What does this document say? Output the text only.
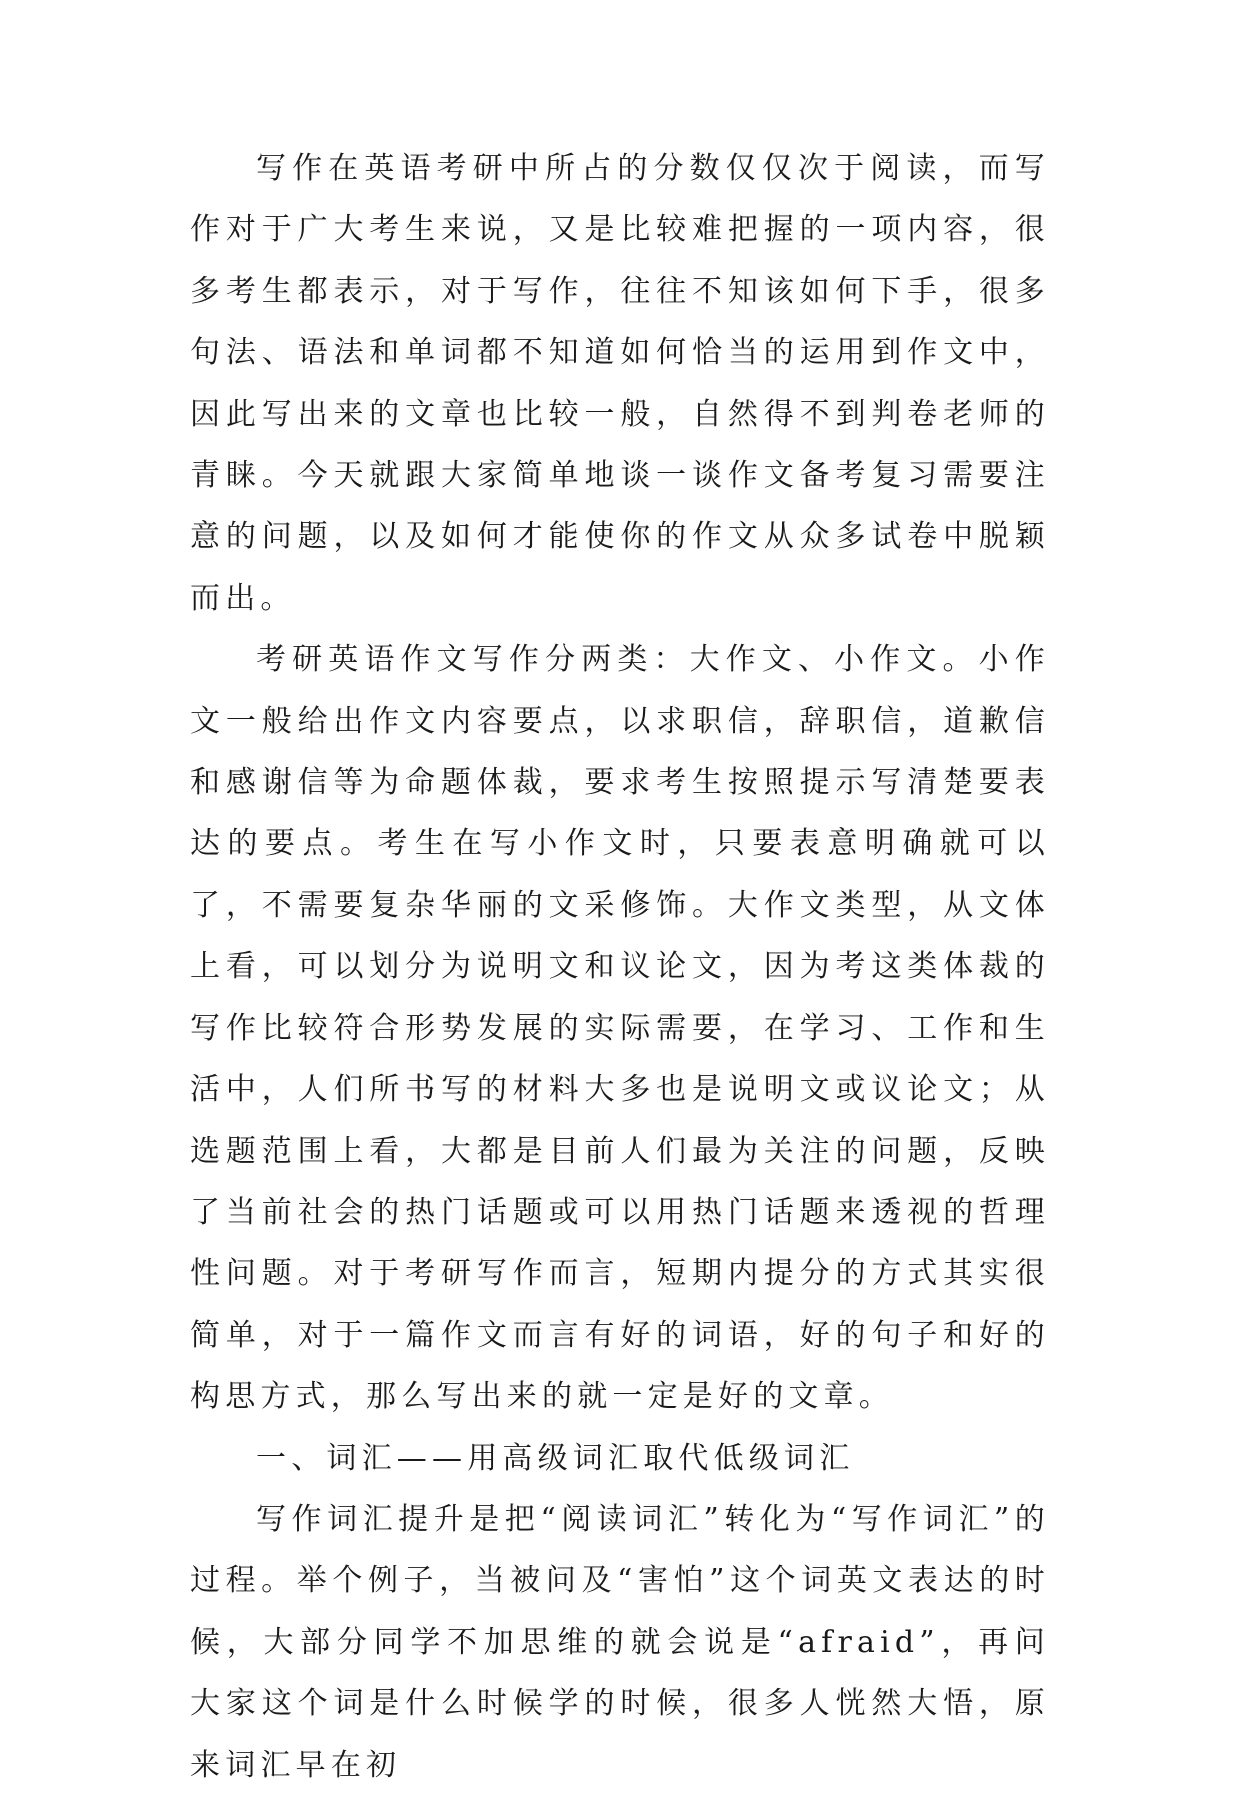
写作在英语考研中所占的分数仅仅次于阅读，而写作对于广大考生来说，又是比较难把握的一项内容，很多考生都表示，对于写作，往往不知该如何下手，很多句法、语法和单词都不知道如何恰当的运用到作文中，因此写出来的文章也比较一般，自然得不到判卷老师的青睐。今天就跟大家简单地谈一谈作文备考复习需要注意的问题，以及如何才能使你的作文从众多试卷中脱颖而出。

考研英语作文写作分两类：大作文、小作文。小作文一般给出作文内容要点，以求职信，辞职信，道歉信和感谢信等为命题体裁，要求考生按照提示写清楚要表达的要点。考生在写小作文时，只要表意明确就可以了，不需要复杂华丽的文采修饰。大作文类型，从文体上看，可以划分为说明文和议论文，因为考这类体裁的写作比较符合形势发展的实际需要，在学习、工作和生活中，人们所书写的材料大多也是说明文或议论文；从选题范围上看，大都是目前人们最为关注的问题，反映了当前社会的热门话题或可以用热门话题来透视的哲理性问题。对于考研写作而言，短期内提分的方式其实很简单，对于一篇作文而言有好的词语，好的句子和好的构思方式，那么写出来的就一定是好的文章。

一、词汇——用高级词汇取代低级词汇

写作词汇提升是把“阅读词汇”转化为“写作词汇”的过程。举个例子，当被问及“害怕”这个词英文表达的时候，大部分同学不加思维的就会说是“afraid”，再问大家这个词是什么时候学的时候，很多人恍然大悟，原来词汇早在初
